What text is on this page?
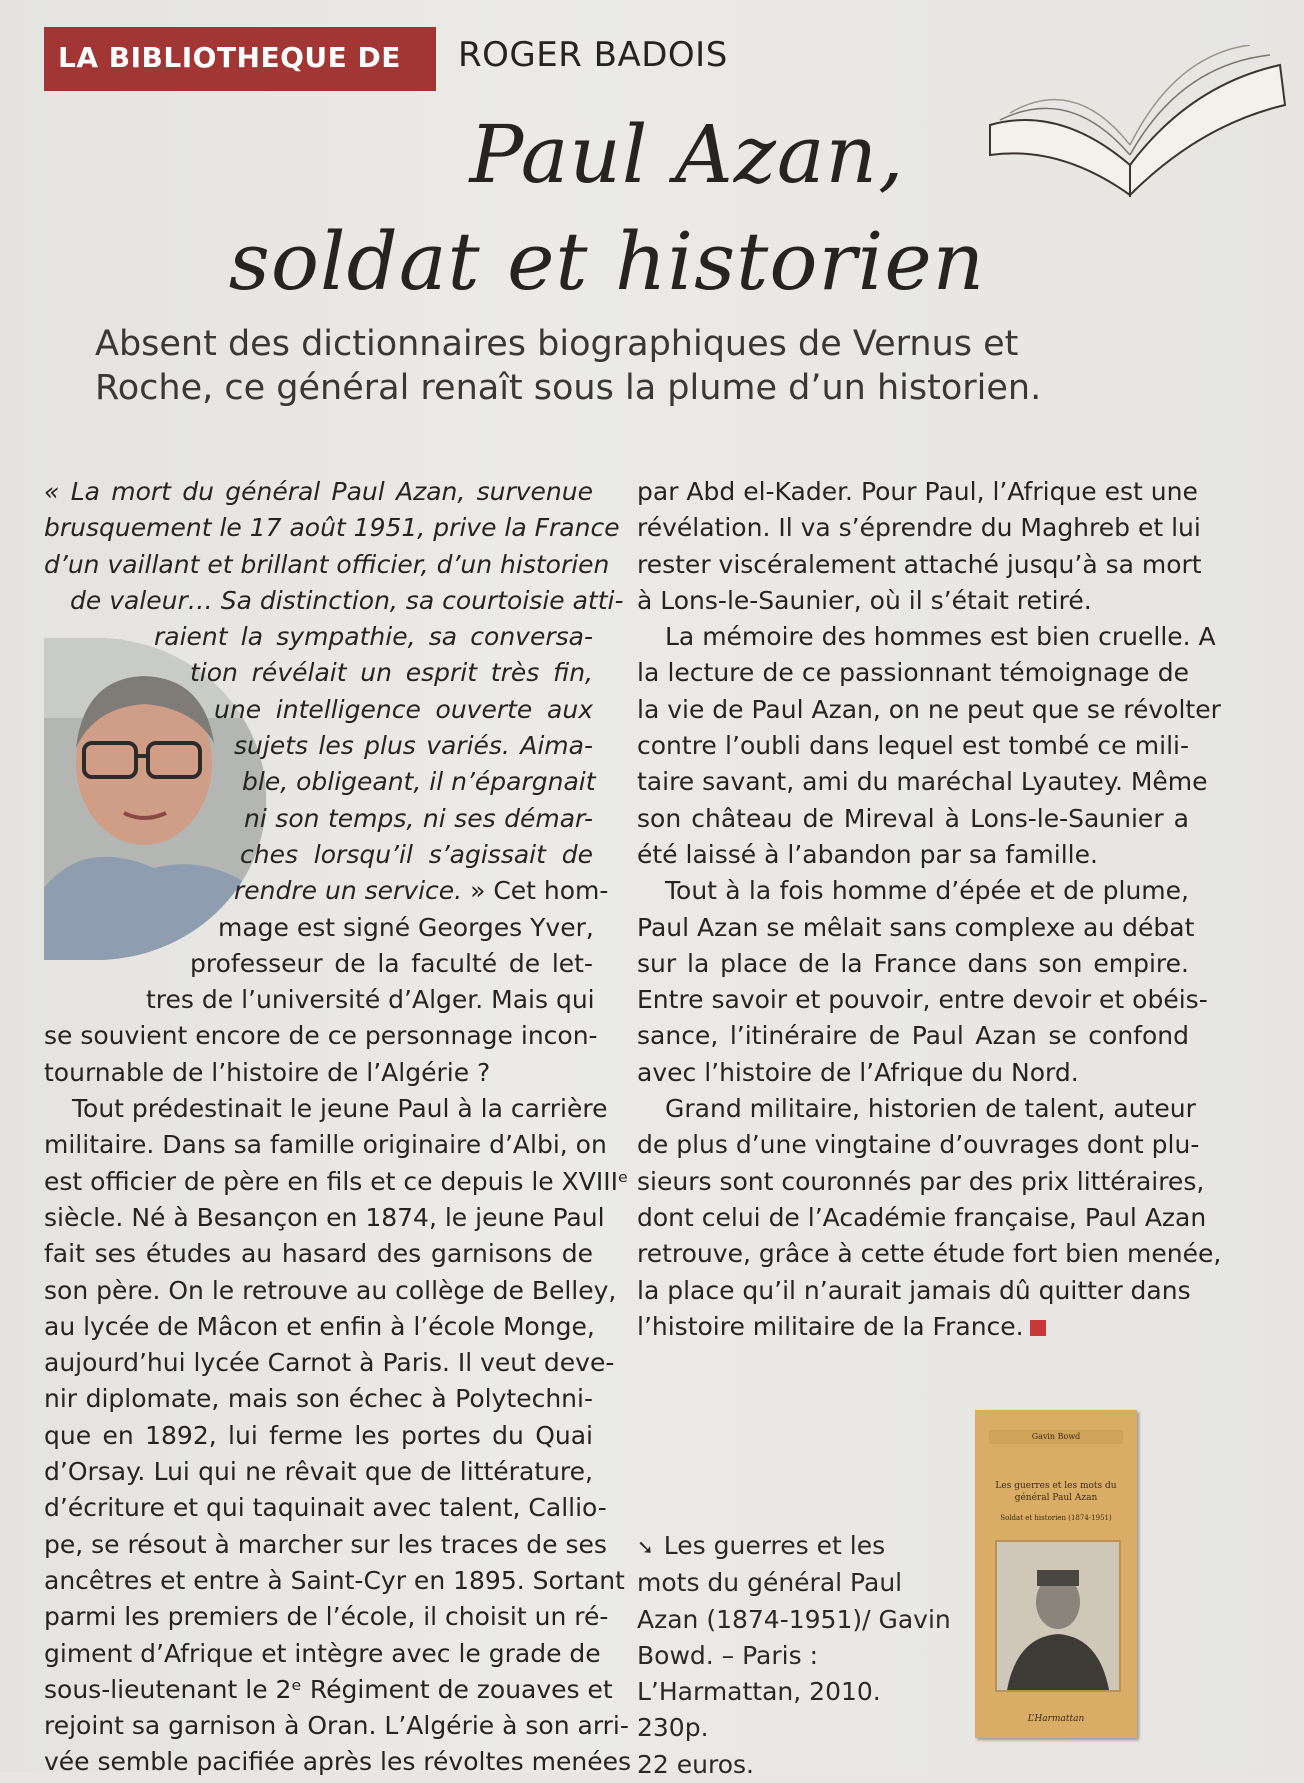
LA BIBLIOTHEQUE DE ROGER BADOIS
Paul Azan,
soldat et historien
Absent des dictionnaires biographiques de Vernus et
Roche, ce général renaît sous la plume d’un historien.

« La mort du général Paul Azan, survenue
brusquement le 17 août 1951, prive la France
d’un vaillant et brillant officier, d’un historien
de valeur… Sa distinction, sa courtoisie atti-
raient la sympathie, sa conversa-
tion révélait un esprit très fin,
une intelligence ouverte aux
sujets les plus variés. Aima-
ble, obligeant, il n’épargnait
ni son temps, ni ses démar-
ches lorsqu’il s’agissait de
rendre un service. » Cet hom-

mage est signé Georges Yver,
professeur de la faculté de let-
tres de l’université d’Alger. Mais qui
se souvient encore de ce personnage incon-
tournable de l’histoire de l’Algérie ?

Tout prédestinait le jeune Paul à la carrière
militaire. Dans sa famille originaire d’Albi, on
est officier de père en fils et ce depuis le XVIIIᵉ
siècle. Né à Besançon en 1874, le jeune Paul
fait ses études au hasard des garnisons de
son père. On le retrouve au collège de Belley,
au lycée de Mâcon et enfin à l’école Monge,
aujourd’hui lycée Carnot à Paris. Il veut deve-
nir diplomate, mais son échec à Polytechni-
que en 1892, lui ferme les portes du Quai
d’Orsay. Lui qui ne rêvait que de littérature,
d’écriture et qui taquinait avec talent, Callio-
pe, se résout à marcher sur les traces de ses
ancêtres et entre à Saint-Cyr en 1895. Sortant
parmi les premiers de l’école, il choisit un ré-
giment d’Afrique et intègre avec le grade de
sous-lieutenant le 2ᵉ Régiment de zouaves et
rejoint sa garnison à Oran. L’Algérie à son arri-
vée semble pacifiée après les révoltes menées

par Abd el-Kader. Pour Paul, l’Afrique est une
révélation. Il va s’éprendre du Maghreb et lui
rester viscéralement attaché jusqu’à sa mort
à Lons-le-Saunier, où il s’était retiré.

La mémoire des hommes est bien cruelle. A
la lecture de ce passionnant témoignage de
la vie de Paul Azan, on ne peut que se révolter
contre l’oubli dans lequel est tombé ce mili-
taire savant, ami du maréchal Lyautey. Même
son château de Mireval à Lons-le-Saunier a
été laissé à l’abandon par sa famille.

Tout à la fois homme d’épée et de plume,
Paul Azan se mêlait sans complexe au débat
sur la place de la France dans son empire.
Entre savoir et pouvoir, entre devoir et obéis-
sance, l’itinéraire de Paul Azan se confond
avec l’histoire de l’Afrique du Nord.

Grand militaire, historien de talent, auteur
de plus d’une vingtaine d’ouvrages dont plu-
sieurs sont couronnés par des prix littéraires,
dont celui de l’Académie française, Paul Azan
retrouve, grâce à cette étude fort bien menée,
la place qu’il n’aurait jamais dû quitter dans
l’histoire militaire de la France.

➘ Les guerres et les
mots du général Paul
Azan (1874-1951)/ Gavin
Bowd. – Paris :
L’Harmattan, 2010. 230p.
22 euros.
Gavin Bowd
Les guerres et les mots du général Paul Azan
Soldat et historien (1874-1951)
L’Harmattan
